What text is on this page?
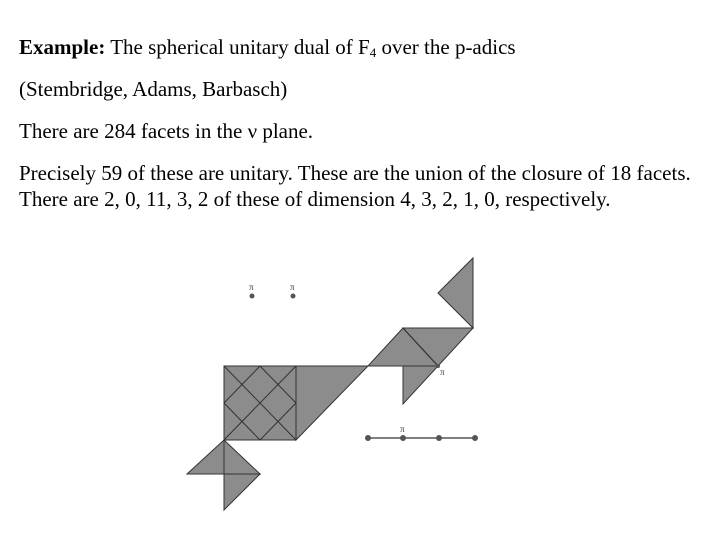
Example: The spherical unitary dual of $F_4$ over the p-adics
(Stembridge, Adams, Barbasch)
There are 284 facets in the ν plane.
Precisely 59 of these are unitary. These are the union of the closure of 18 facets. There are 2, 0, 11, 3, 2 of these of dimension 4, 3, 2, 1, 0, respectively.
π	π
π
π
